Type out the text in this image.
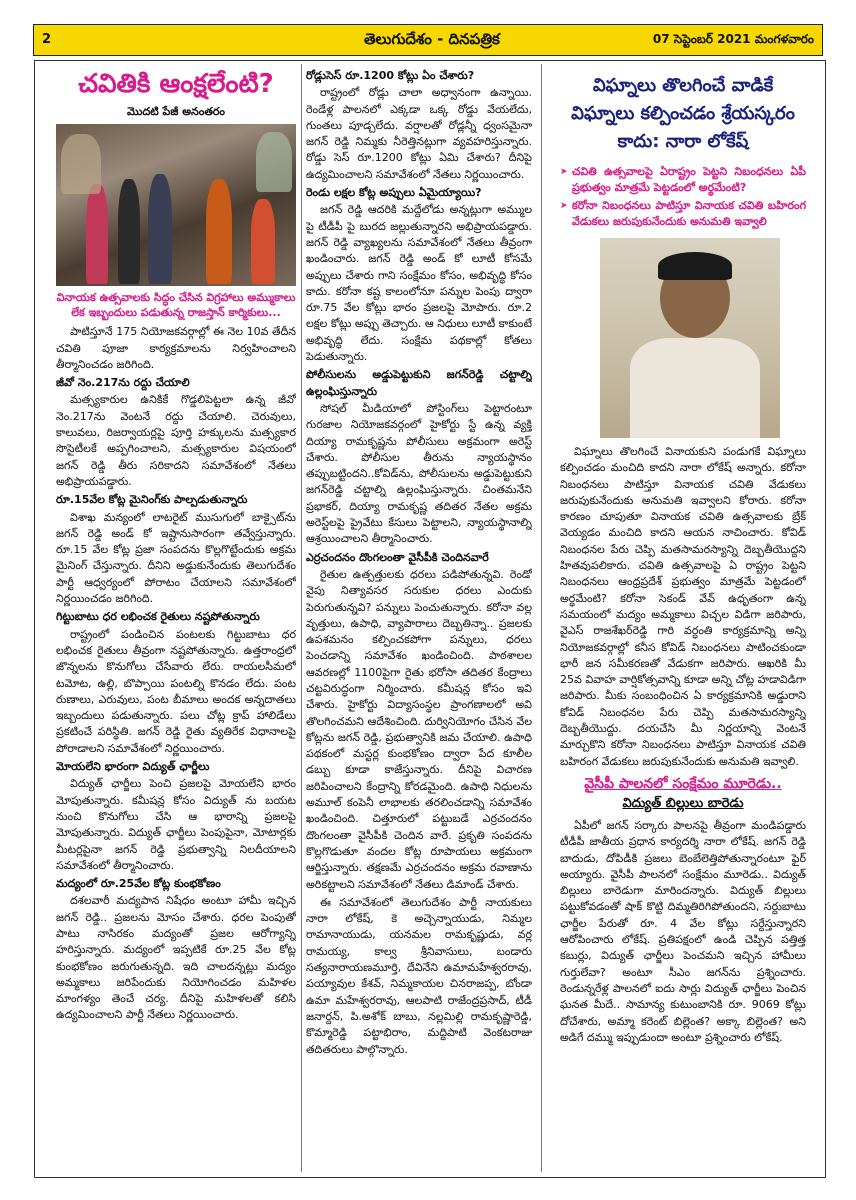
2	తెలుగుదేశం - దినపత్రిక	07 సెప్టెంబర్ 2021 మంగళవారం
చవితికి ఆంక్షలేంటి?
మొదటి పేజీ అనంతరం
వినాయక ఉత్సవాలకు సిద్ధం చేసిన విగ్రహాలు అమ్ముకాలు లేక ఇబ్బందులు పడుతున్న రాజస్తాన్ కార్మికులు...

పాటిస్తూనే 175 నియోజకవర్గాల్లో ఈ నెల 10వ తేదీన చవితి పూజా కార్యక్రమాలను నిర్వహించాలని తీర్మానించడం జరిగింది.

జీవో నెం.217ను రద్దు చేయాలి

మత్స్యకారుల ఉనికికే గొడ్డలిపెట్టలా ఉన్న జీవో నెం.217ను వెంటనే రద్దు చేయాలి. చెరువులు, కాలువలు, రిజర్వాయర్లపై పూర్తి హక్కులను మత్స్యకార సొసైటీలకే అప్పగించాలని, మత్స్యకారుల విషయంలో జగన్ రెడ్డి తీరు సరికాదని సమావేశంలో నేతలు అభిప్రాయపడ్డారు.

రూ.15వేల కోట్ల మైనింగ్‌కు పాల్పడుతున్నారు

విశాఖ మన్యంలో లాటరైట్ ముసుగులో బాక్సైట్‌ను జగన్ రెడ్డి అండ్ కో ఇష్టానుసారంగా తవ్వేస్తున్నారు. రూ.15 వేల కోట్ల ప్రజా సంపదను కొల్లగొట్టేందుకు అక్రమ మైనింగ్ చేస్తున్నారు. దీనిని అడ్డుకునేందుకు తెలుగుదేశం పార్టీ ఆధ్వర్యంలో పోరాటం చేయాలని సమావేశంలో నిర్ణయించడం జరిగింది.

గిట్టుబాటు ధర లభించక రైతులు నష్టపోతున్నారు

రాష్ట్రంలో పండించిన పంటలకు గిట్టుబాటు ధర లభించక రైతులు తీవ్రంగా నష్టపోతున్నారు. ఉత్తరాంధ్రలో జొన్నలను కొనుగోలు చేసేవారు లేరు. రాయలసీమలో టమోట, ఉల్లి, బొప్పాయి పంటల్ని కొనడం లేదు. పంట రుణాలు, ఎరువులు, పంట బీమాలు అందక అన్నదాతలు ఇబ్బందులు పడుతున్నారు. పలు చోట్ల క్రాప్ హాలిడేలు ప్రకటించే పరిస్థితి. జగన్ రెడ్డి రైతు వ్యతిరేక విధానాలపై పోరాడాలని సమావేశంలో నిర్ణయించారు.

మోయలేని భారంగా విద్యుత్ ఛార్జీలు

విద్యుత్ ఛార్జీలు పెంచి ప్రజలపై మోయలేని భారం మోపుతున్నారు. కమీషన్ల కోసం విద్యుత్ ను బయట నుంచి కొనుగోలు చేసి ఆ భారాన్ని ప్రజలపై మోపుతున్నారు. విద్యుత్ ఛార్జీలు పెంపుపైనా, మోటార్లకు మీటర్లపైనా జగన్ రెడ్డి ప్రభుత్వాన్ని నిలదీయాలని సమావేశంలో తీర్మానించారు.

మద్యంలో రూ.25వేల కోట్ల కుంభకోణం

దశలవారీ మద్యపాన నిషేధం అంటూ హామీ ఇచ్చిన జగన్ రెడ్డి.. ప్రజలను మోసం చేశారు. ధరల పెంపుతో పాటు నాసిరకం మద్యంతో ప్రజల ఆరోగ్యాన్ని హరిస్తున్నారు. మద్యంలో ఇప్పటికే రూ.25 వేల కోట్ల కుంభకోణం జరుగుతున్నది. ఇది చాలదన్నట్లు మద్యం అమ్మకాలు జరిపేందుకు నియోగించడం మహిళల మాంగళ్యం తెంచే చర్య. దీనిపై మహిళలతో కలిసి ఉద్యమించాలని పార్టీ నేతలు నిర్ణయించారు.

రోడ్లుసెస్ రూ.1200 కోట్లు ఏం చేశారు?

రాష్ట్రంలో రోడ్లు చాలా అధ్వానంగా ఉన్నాయి. రెండేళ్ల పాలనలో ఎక్కడా ఒక్క రోడ్డు వేయలేదు, గుంతలు పూడ్చలేదు. వర్షాలతో రోడ్లన్నీ ధ్వంసమైనా జగన్ రెడ్డి నిమ్మకు నీరెత్తినట్లుగా వ్యవహరిస్తున్నారు. రోడ్డు సెస్ రూ.1200 కోట్లు ఏమి చేశారు? దీనిపై ఉద్యమించాలని సమావేశంలో నేతలు నిర్ణయించారు.

రెండు లక్షల కోట్ల అప్పులు ఏమైయ్యాయి?

జగన్ రెడ్డి ఆదరికి మద్దేలోడు అన్నట్లుగా అమ్ముల పై టీడీపీ పై బురద జల్లుతున్నారని అభిప్రాయపడ్డారు. జగన్ రెడ్డి వ్యాఖ్యలను సమావేశంలో నేతలు తీవ్రంగా ఖండించారు. జగన్ రెడ్డి అండ్ కో లూటీ కోసమే అప్పులు చేశారు గాని సంక్షేమం కోసం, అభివృద్ధి కోసం కాదు. కరోనా కష్ట కాలంలోనూ పన్నుల పెంపు ద్వారా రూ.75 వేల కోట్లు భారం ప్రజలపై మోపారు. రూ.2 లక్షల కోట్లు అప్పు తెచ్చారు. ఆ నిధులు లూటీ కాకుంటే అభివృద్ధి లేదు. సంక్షేమ పథకాల్లో కోతలు పెడుతున్నారు.

పోలీసులను అడ్డుపెట్టుకుని జగన్‌రెడ్డి చట్టాల్ని ఉల్లంఘిస్తున్నారు

సోషల్ మీడియాలో పోస్టింగ్‌లు పెట్టారంటూ గురజాల నియోజకవర్గంలో హైకోర్టు స్టే ఉన్న వ్యక్తి దియ్యా రామకృష్ణను పోలీసులు అక్రమంగా అరెస్ట్ చేశారు. పోలీసుల తీరును న్యాయస్థానం తప్పుబట్టిందని..కోవిడ్‌ను, పోలీసులను అడ్డుపెట్టుకుని జగన్‌రెడ్డి చట్టాల్ని ఉల్లంఘిస్తున్నారు. చింతమనేని ప్రభాకర్, దియ్యా రామకృష్ణ తదితర నేతల అక్రమ అరెస్ట్‌లపై ప్రైవేటు కేసులు పెట్టాలని, న్యాయస్థానాల్ని ఆశ్రయించాలని తీర్మానించారు.

ఎర్రచందనం దొంగలంతా వైసీపీకి చెందినవారే

రైతుల ఉత్పత్తులకు ధరలు పడిపోతున్నవి. రెండో వైపు నిత్యావసర సరుకుల ధరలు ఎందుకు పెరుగుతున్నవి? పన్నులు పెంచుతున్నారు. కరోనా వల్ల వృత్తులు, ఉపాధి, వ్యాపారాలు దెబ్బతిన్నా.. ప్రజలకు ఉపశమనం కల్పించకపోగా పన్నులు, ధరలు పెంచడాన్ని సమావేశం ఖండించింది. పాఠశాలల ఆవరణల్లో 1100పైగా రైతు భరోసా తదితర కేంద్రాలు చట్టవిరుద్ధంగా నిర్మించారు. కమీషన్ల కోసం ఇవి చేశారు. హైకోర్టు విద్యాసంస్థల ప్రాంగణాలలో అవి తొలగించమని ఆదేశించింది. దుర్వినియోగం చేసిన వేల కోట్లను జగన్ రెడ్డి, ప్రభుత్వానికి జమ చేయాలి. ఉపాధి పథకంలో మస్టర్ల కుంభకోణం ద్వారా పేద కూలీల డబ్బు కూడా కాజేస్తున్నారు. దీనిపై విచారణ జరిపించాలని కేంద్రాన్ని కోరడమైంది. ఉపాధి నిధులను అమూల్ కంపెనీ లాభాలకు తరలించడాన్ని సమావేశం ఖండించింది. చిత్తూరులో పట్టుబడే ఎర్రచందనం దొంగలంతా వైసీపీకి చెందిన వారే. ప్రకృతి సంపదను కొల్లగొడుతూ వందల కోట్ల రూపాయలు అక్రమంగా ఆర్జిస్తున్నారు. తక్షణమే ఎర్రచందనం అక్రమ రవాణాను అరికట్టాలని సమావేశంలో నేతలు డిమాండ్ చేశారు.

ఈ సమావేశంలో తెలుగుదేశం పార్టీ నాయకులు నారా లోకేష్, కె అచ్చెన్నాయుడు, నిమ్మల రామానాయుడు, యనమల రామకృష్ణుడు, వర్ల రామయ్య, కాల్వ శ్రీనివాసులు, బండారు సత్యనారాయణమూర్తి, దేవినేని ఉమామహేశ్వరరావు, పయ్యావుల కేశవ్, నిమ్మకాయల చినరాజప్ప, బోండా ఉమా మహేశ్వరరావు, ఆలపాటి రాజేంద్రప్రసాద్, టీడీ జనార్దన్, పి.అశోక్ బాబు, నల్లమిల్లి రామకృష్ణారెడ్డి, కొమ్మారెడ్డి పట్టాభిరాం, మద్దిపాటి వెంకటరాజు తదితరులు పాల్గొన్నారు.

విఘ్నాలు తొలగించే వాడికే విఘ్నాలు కల్పించడం శ్రేయస్కరం కాదు: నారా లోకేష్
➤ చవితి ఉత్సవాలపై ఏరాష్ట్రం పెట్టని నిబంధనలు ఏపీ ప్రభుత్వం మాత్రమే పెట్టడంలో అర్థమేంటి?
➤ కరోనా నిబంధనలు పాటిస్తూ వినాయక చవితి బహిరంగ వేడుకలు జరుపుకునేందుకు అనుమతి ఇవ్వాలి

విఘ్నాలు తొలగించే వినాయకుని పండుగకే విఘ్నాలు కల్పించడం మంచిది కాదని నారా లోకేష్ అన్నారు. కరోనా నిబంధనలు పాటిస్తూ వినాయక చవితి వేడుకలు జరుపుకునేందుకు అనుమతి ఇవ్వాలని కోరారు. కరోనా కారణం చూపుతూ వినాయక చవితి ఉత్సవాలకు బ్రేక్ వెయ్యడం మంచిది కాదని ఆయన నాచించారు. కోవిడ్ నిబంధనల పేరు చెప్పి మతసామరస్యాన్ని దెబ్బతీయొద్దని హితవుపలికారు. చవితి ఉత్సవాలపై ఏ రాష్ట్రం పెట్టని నిబంధనలు ఆంధ్రప్రదేశ్ ప్రభుత్వం మాత్రమే పెట్టడంలో అర్థమేంటి? కరోనా సెకండ్ వేవ్ ఉధృతంగా ఉన్న సమయంలో మద్యం అమ్మకాలు విచ్చల విడిగా జరిపారు, వైఎస్ రాజశేఖర్‌రెడ్డి గారి వర్ధంతి కార్యక్రమాన్ని అన్ని నియోజకవర్గాల్లో కనీస కోవిడ్ నిబంధనలు పాటించకుండా భారీ జన సమీకరణతో వేడుకగా జరిపారు. ఆఖరికి మీ 25వ వివాహ వార్షికోత్సవాన్ని కూడా అన్ని చోట్ల హడావిడిగా జరిపారు. మీకు సంబంధించిన ఏ కార్యక్రమానికి అడ్డురాని కోవిడ్ నిబంధనల పేరు చెప్పి మతసామరస్యాన్ని దెబ్బతీయొద్దు. దయచేసి మీ నిర్ణయాన్ని వెంటనే మార్చుకొని కరోనా నిబంధనలు పాటిస్తూ వినాయక చవితి బహిరంగ వేడుకలు జరుపుకునేందుకు అనుమతి ఇవ్వాలి.

వైసీపీ పాలనలో సంక్షేమం మూరెడు..
విద్యుత్ బిల్లులు బారెడు

ఏపీలో జగన్ సర్కారు పాలనపై తీవ్రంగా మండిపడ్డారు టీడీపీ జాతీయ ప్రధాన కార్యదర్శి నారా లోకేష్. జగన్ రెడ్డి బాదుడు, దోపిడీకి ప్రజలు బెంబేలెత్తిపోతున్నారంటూ ఫైర్ అయ్యారు. వైసీపీ పాలనలో సంక్షేమం మూరెడు.. విద్యుత్ బిల్లులు బారెడుగా మారిందన్నారు. విద్యుత్ బిల్లులు పట్టుకోవడంతో షాక్ కొట్టి దిమ్మతిరిగిపోతుందని, సర్దుబాటు ఛార్జీల పేరుతో రూ. 4 వేల కోట్లు సర్దేస్తున్నారని ఆరోపించారు లోకేష్. ప్రతిపక్షంలో ఉండి చెప్పిన పత్తిత్త కబుర్లు, విద్యుత్ ఛార్జీలు పెంచమని ఇచ్చిన హామీలు గుర్తులేవా? అంటూ సీఎం జగన్‌ను ప్రశ్నించారు. రెండున్నరేళ్ల పాలనలో ఐదు సార్లు విద్యుత్ ఛార్జీలు పెంచిన ఘనత మీదే.. సామాన్య కుటుంబానికి రూ. 9069 కోట్లు దోచేశారు, అమ్మా కరెంట్ బిల్లెంత? అక్కా బిల్లెంత? అని అడిగే దమ్ము ఇప్పుడుందా అంటూ ప్రశ్నించారు లోకేష్.
